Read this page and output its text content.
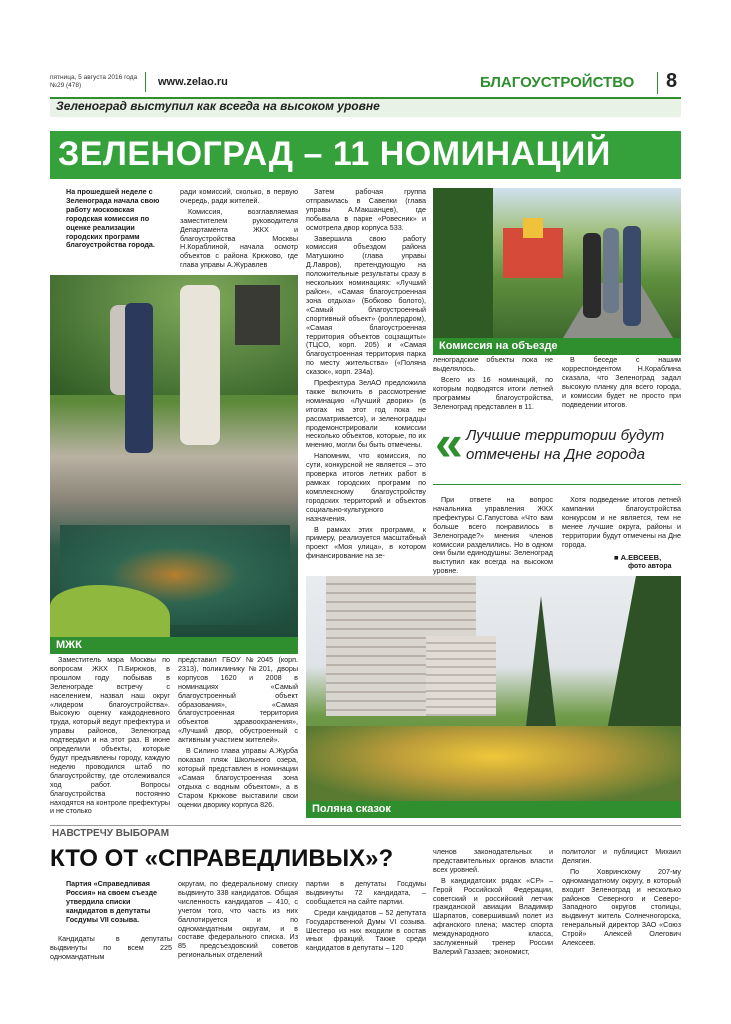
пятница, 5 августа 2016 года
№29 (478)	www.zelao.ru	БЛАГОУСТРОЙСТВО 8
Зеленоград выступил как всегда на высоком уровне
ЗЕЛЕНОГРАД – 11 НОМИНАЦИЙ
На прошедшей неделе с Зеленограда начала свою работу московская городская комиссия по оценке реализации городских программ благоустройства города.

ради комиссий, сколько, в первую очередь, ради жителей.

Комиссия, возглавляемая заместителем руководителя Департамента ЖКХ и благоустройства Москвы Н.Кораблиной, начала осмотр объектов с района Крюково, где глава управы А.Журавлев

Затем рабочая группа отправилась в Савелки (глава управы А.Макшанцев), где побывала в парке «Ровесник» и осмотрела двор корпуса 533.

Завершила свою работу комиссия объездом района Матушкино (глава управы Д.Лавров), претендующую на положительные результаты сразу в нескольких номинациях: «Лучший район», «Самая благоустроенная зона отдыха» (Бобково болото), «Самый благоустроенный спортивный объект» (роллердром), «Самая благоустроенная территория объектов соцзащиты» (ТЦСО, корп. 205) и «Самая благоустроенная территория парка по месту жительства» («Поляна сказок», корп. 234а).

Префектура ЗелАО предложила также включить в рассмотрение номинацию «Лучший дворик» (в итогах на этот год пока не рассматривается), и зеленоградцы продемонстрировали комиссии несколько объектов, которые, по их мнению, могли бы быть отмечены.

Напомним, что комиссия, по сути, конкурсной не является – это проверка итогов летних работ в рамках городских программ по комплексному благоустройству городских территорий и объектов социально-культурного назначения.

В рамках этих программ, к примеру, реализуется масштабный проект «Моя улица», в котором финансирование на зе-

МЖК
Комиссия на объезде

леноградские объекты пока не выделялось.

Всего из 16 номинаций, по которым подводятся итоги летней программы благоустройства, Зеленоград представлен в 11.

В беседе с нашим корреспондентом Н.Кораблина сказала, что Зеленоград задал высокую планку для всего города, и комиссии будет не просто при подведении итогов.

« Лучшие территории будут отмечены на Дне города

При ответе на вопрос начальника управления ЖКХ префектуры С.Гапустова «Что вам больше всего понравилось в Зеленограде?» мнения членов комиссии разделились. Но в одном они были единодушны: Зеленоград выступил как всегда на высоком уровне.

Хотя подведение итогов летней кампании благоустройства конкурсом и не является, тем не менее лучшие округа, районы и территории будут отмечены на Дне города.

■ А.ЕВСЕЕВ,
фото автора
Поляна сказок

Заместитель мэра Москвы по вопросам ЖКХ П.Бирюков, в прошлом году побывав в Зеленограде встречу с населением, назвал наш округ «лидером благоустройства». Высокую оценку каждодневного труда, который ведут префектура и управы районов, Зеленоград подтвердил и на этот раз. В июне определили объекты, которые будут предъявлены городу, каждую неделю проводился штаб по благоустройству, где отслеживался ход работ. Вопросы благоустройства постоянно находятся на контроле префектуры и не столько

представил ГБОУ №2045 (корп. 2313), поликлинику №201, дворы корпусов 1620 и 2008 в номинациях «Самый благоустроенный объект образования», «Самая благоустроенная территория объектов здравоохранения», «Лучший двор, обустроенный с активным участием жителей».

В Силино глава управы А.Журба показал пляж Школьного озера, который представлен в номинации «Самая благоустроенная зона отдыха с водным объектом», а в Старом Крюкове выставили свои оценки дворику корпуса 826.

НАВСТРЕЧУ ВЫБОРАМ
КТО ОТ «СПРАВЕДЛИВЫХ»?
Партия «Справедливая Россия» на своем съезде утвердила списки кандидатов в депутаты Госдумы VII созыва.

Кандидаты в депутаты выдвинуты по всем 225 одномандатным

округам, по федеральному списку выдвинуто 338 кандидатов. Общая численность кандидатов – 410, с учетом того, что часть из них баллотируется и по одномандатным округам, и в составе федерального списка. Из 85 предсъездовский советов региональных отделений

партии в депутаты Госдумы выдвинуты 72 кандидата, – сообщается на сайте партии.

Среди кандидатов – 52 депутата Государственной Думы VI созыва. Шестеро из них входили в состав иных фракций. Также среди кандидатов в депутаты – 120

членов законодательных и представительных органов власти всех уровней.

В кандидатских рядах «СР» – Герой Российской Федерации, советский и российский летчик гражданской авиации Владимир Шарпатов, совершивший полет из афганского плена; мастер спорта международного класса, заслуженный тренер России Валерий Газзаев; экономист,

политолог и публицист Михаил Делягин.

По Ховринскому 207-му одномандатному округу, в который входит Зеленоград и несколько районов Северного и Северо-Западного округов столицы, выдвинут житель Солнечногорска, генеральный директор ЗАО «Союз Строй» Алексей Олегович Алексеев.
